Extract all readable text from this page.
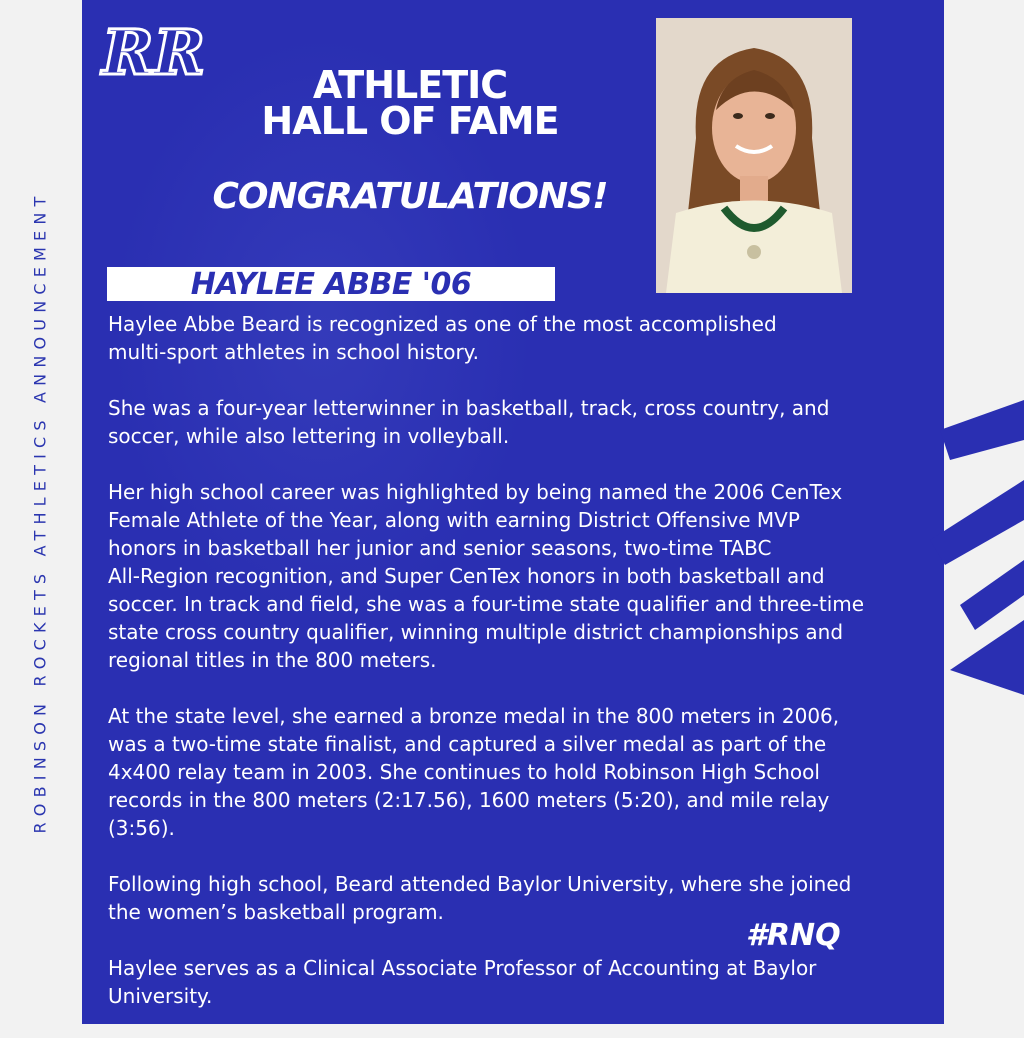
ROBINSON ROCKETS ATHLETICS ANNOUNCEMENT
RR	ATHLETIC
HALL OF FAME
CONGRATULATIONS!
HAYLEE ABBE '06

Haylee Abbe Beard is recognized as one of the most accomplished
multi-sport athletes in school history.

She was a four-year letterwinner in basketball, track, cross country, and
soccer, while also lettering in volleyball.

Her high school career was highlighted by being named the 2006 CenTex
Female Athlete of the Year, along with earning District Offensive MVP
honors in basketball her junior and senior seasons, two-time TABC
All-Region recognition, and Super CenTex honors in both basketball and
soccer. In track and field, she was a four-time state qualifier and three-time
state cross country qualifier, winning multiple district championships and
regional titles in the 800 meters.

At the state level, she earned a bronze medal in the 800 meters in 2006,
was a two-time state finalist, and captured a silver medal as part of the
4x400 relay team in 2003. She continues to hold Robinson High School
records in the 800 meters (2:17.56), 1600 meters (5:20), and mile relay
(3:56).

Following high school, Beard attended Baylor University, where she joined
the women’s basketball program.

Haylee serves as a Clinical Associate Professor of Accounting at Baylor
University.

#RNQ
